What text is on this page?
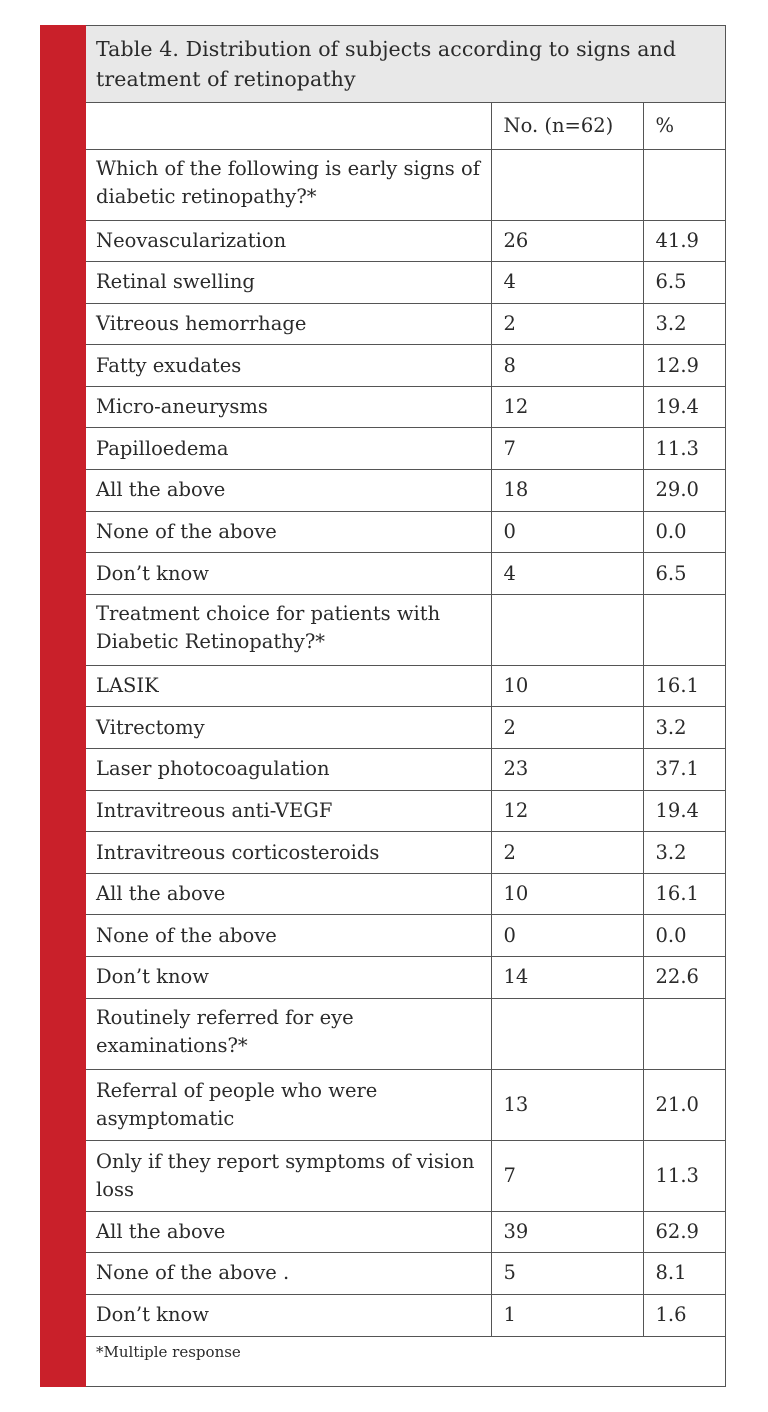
Table 4. Distribution of subjects according to signs and treatment of retinopathy
	No. (n=62)	%
Which of the following is early signs of diabetic retinopathy?*		
Neovascularization	26	41.9
Retinal swelling	4	6.5
Vitreous hemorrhage	2	3.2
Fatty exudates	8	12.9
Micro-aneurysms	12	19.4
Papilloedema	7	11.3
All the above	18	29.0
None of the above	0	0.0
Don’t know	4	6.5
Treatment choice for patients with Diabetic Retinopathy?*		
LASIK	10	16.1
Vitrectomy	2	3.2
Laser photocoagulation	23	37.1
Intravitreous anti-VEGF	12	19.4
Intravitreous corticosteroids	2	3.2
All the above	10	16.1
None of the above	0	0.0
Don’t know	14	22.6
Routinely referred for eye examinations?*		
Referral of people who were asymptomatic	13	21.0
Only if they report symptoms of vision loss	7	11.3
All the above	39	62.9
None of the above .	5	8.1
Don’t know	1	1.6
*Multiple response
